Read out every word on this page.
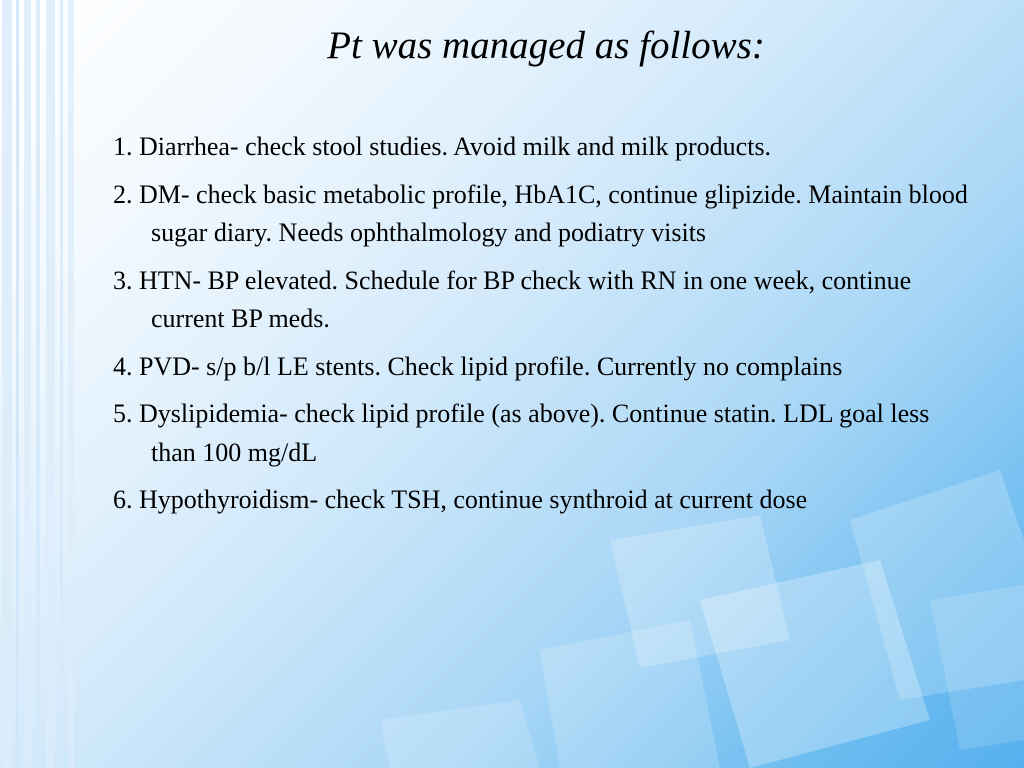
Pt was managed as follows:
1. Diarrhea- check stool studies. Avoid milk and milk products.
2. DM- check basic metabolic profile, HbA1C, continue glipizide. Maintain blood sugar diary. Needs ophthalmology and podiatry visits
3. HTN- BP elevated. Schedule for BP check with RN in one week, continue current BP meds.
4. PVD- s/p b/l LE stents. Check lipid profile. Currently no complains
5. Dyslipidemia- check lipid profile (as above). Continue statin. LDL goal less than 100 mg/dL
6. Hypothyroidism- check TSH, continue synthroid at current dose
